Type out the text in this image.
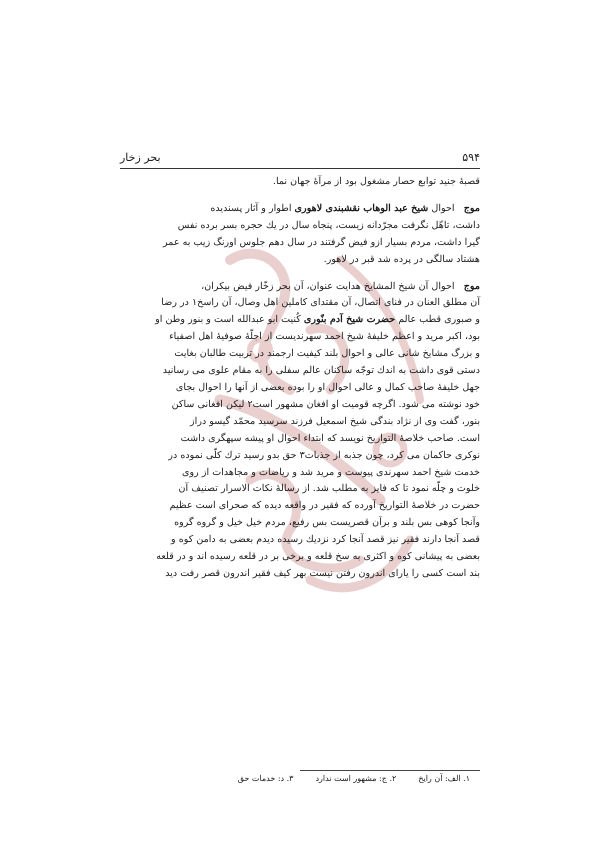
۵۹۴
بحر زخار

قصبهٔ جنید توابع حصار مشغول بود از مرآهٔ جهان نما.

موج   احوال شیخ عبد الوهاب نقشبندی لاهوری اطوار و آثار پسندیده
داشت، تاهّل نگرفت مجرّدانه زیست، پنجاه سال در یك حجره بسر برده نفس
گیرا داشت، مردم بسیار ازو فیض گرفتند در سال دهم جلوس اورنگ زیب به عمر
هشتاد سالگی در پرده شد قبر در لاهور.

موج   احوال آن شیخ المشایخ هدایت عنوان، آن بحر زخّار فیض بیکران،
آن مطلق العنان در فنای اتصال، آن مقتدای کاملین اهل وصال، آن راسخ۱ در رضا
و صبوری قطب عالم حضرت شیخ آدم بنّوری کُنیت ابو عبدالله است و بنور وطن او
بود، اکبر مرید و اعظم خلیفهٔ شیخ احمد سهرندیست از اجلّهٔ صوفیهٔ اهل اصفیاء
و بزرگ مشایخ شانی عالی و احوال بلند کیفیت ارجمند در تربیت طالبان بغایت
دستی قوی داشت به اندك توجّه ساکنان عالم سفلی را به مقام علوی می رسانید
جهل خلیفهٔ صاحب کمال و عالی احوال او را بوده بعضی از آنها را احوال بجای
خود نوشته می شود. اگرچه قومیت او افغان مشهور است۲ لیکن افغانی ساکن
بنور، گفت وی از نژاد بندگی شیخ اسمعیل فرزند سرسید محمّد گیسو دراز
است. صاحب خلاصهٔ التواریخ نویسد که ابتداء احوال او پیشه سپهگری داشت
نوکری حاکمان می کرد، چون جذبه از جذبات۳ حق بدو رسید ترك کلّی نموده در
خدمت شیخ احمد سهرندی پیوست و مرید شد و ریاضات و مجاهدات از روی
خلوت و چلّه نمود تا که فایز به مطلب شد. از رسالهٔ نکات الاسرار تصنیف آن
حضرت در خلاصهٔ التواریخ آورده که فقیر در واقعه دیده که صحرای است عظیم
وآنجا کوهی بس بلند و برآن قصریست بس رفیع، مردم خیل خیل و گروه گروه
قصد آنجا دارند فقیر نیز قصد آنجا کرد نزدیك رسیده دیدم بعضی به دامن کوه و
بعضی به پیشانی کوه و اکثری به سخ قلعه و برخی بر در قلعه رسیده اند و در قلعه
بند است کسی را یارای اندرون رفتن نیست بهر کیف فقیر اندرون قصر رفت دید

۱. الف: آن رایخ
۲. ج: مشهور است ندارد
۳. د: خدمات حق
